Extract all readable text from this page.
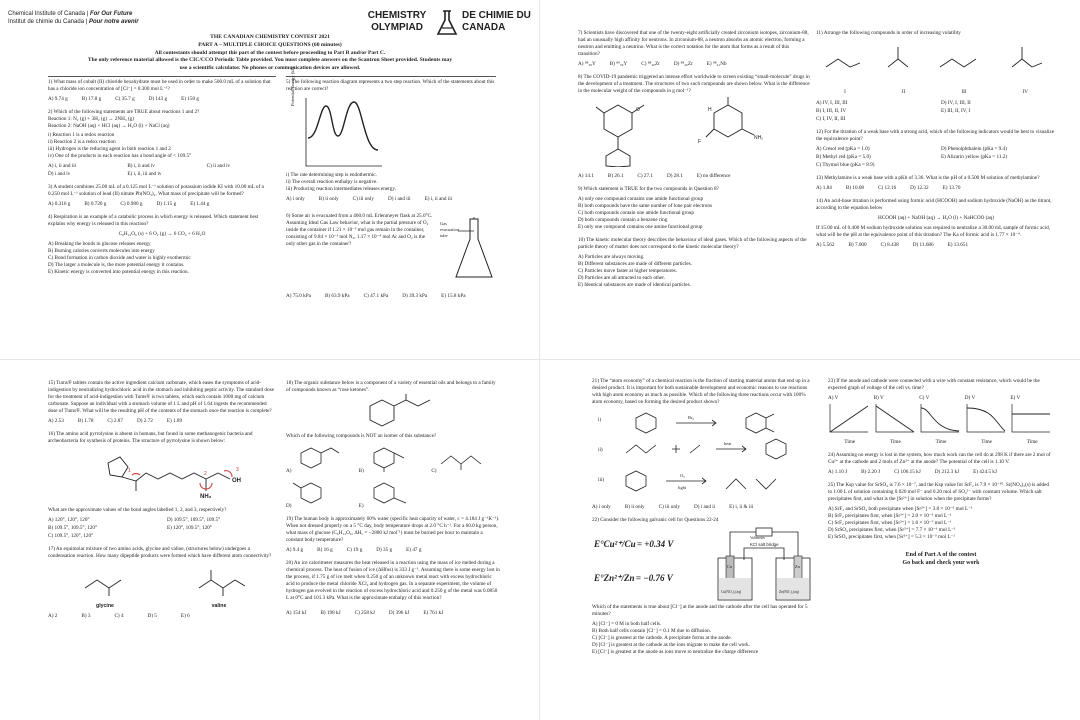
Chemical Institute of Canada | For Our Future
Institut de chimie du Canada | Pour notre avenir
CHEMISTRY OLYMPIAD
DE CHIMIE DU CANADA
THE CANADIAN CHEMISTRY CONTEST 2021
PART A – MULTIPLE CHOICE QUESTIONS (60 minutes)
All contestants should attempt this part of the contest before proceeding to Part B and/or Part C.
The only reference material allowed is the CIC/CCO Periodic Table provided. You must complete answers on the Scantron Sheet provided. Students may use a scientific calculator. No phones or communication devices are allowed.
1) What mass of cobalt (II) chloride hexahydrate must be used in order to make 500.0 mL of a solution that has a chloride ion concentration of [Cl⁻] = 0.300 mol L⁻¹?
A) 9.74 g	B) 17.8 g	C) 35.7 g	D) 143 g	E) 150 g
2) Which of the following statements are TRUE about reactions 1 and 2?
Reaction 1: N₂ (g) + 3H₂ (g) → 2NH₃ (g)
Reaction 2: NaOH (aq) + HCl (aq) → H₂O (l) + NaCl (aq)
i) Reaction 1 is a redox reaction
ii) Reaction 2 is a redox reaction
iii) Hydrogen is the reducing agent in both reaction 1 and 2
iv) One of the products in each reaction has a bond angle of < 109.5°
A) i, ii and iii	B) i, ii and iv	C) ii and iv
D) i and iv	E) i, ii, iii and iv
3) A student combines 25.00 mL of a 0.125 mol L⁻¹ solution of potassium iodide KI with 10.00 mL of a 0.250 mol L⁻¹ solution of lead (II) nitrate Pb(NO₃)₂. What mass of precipitate will be formed?
A) 0.316 g	B) 0.720 g	C) 0.980 g	D) 1.15 g	E) 1.44 g
4) Respiration is an example of a catabolic process in which energy is released. Which statement best explains why energy is released in this reaction?
C₆H₁₂O₆ (s) + 6 O₂ (g) → 6 CO₂ + 6 H₂O
A) Breaking the bonds in glucose releases energy
B) Burning calories converts molecules into energy
C) Bond formation in carbon dioxide and water is highly exothermic
D) The larger a molecule is, the more potential energy it contains.
E) Kinetic energy is converted into potential energy in this reaction.
5) The following reaction diagram represents a two step reaction. Which of the statements about this reaction are correct?
Potential Energy (kJ)
i) The rate determining step is endothermic.
ii) The overall reaction enthalpy is negative.
iii) Producing reaction intermediates releases energy.
A) i only	B) ii only	C) iii only	D) i and iii	E) i, ii and iii
6) Some air is evacuated from a 400.0 mL Erlenmeyer flask at 25.0°C. Assuming Ideal Gas Law behavior, what is the partial pressure of O₂ inside the container if 1.21 × 10⁻³ mol gas remain in the container, consisting of 9.84 × 10⁻³ mol N₂, 1.17 × 10⁻⁴ mol Ar and O₂ is the only other gas in the container?
Gas evacuation tube
A) 75.0 kPa	B) 63.9 kPa	C) 47.1 kPa	D) 39.3 kPa	E) 15.8 kPa
7) Scientists have discovered that one of the twenty-eight artificially created zirconium isotopes, zirconium-88, had an unusually high affinity for neutrons. In zirconium-88, a neutron absorbs an atomic electron, forming a neutron and emitting a neutrino. What is the correct notation for the atom that forms as a result of this transition?
A) ⁸⁸₃₉Y	B) ⁸⁹₃₉Y	C) ⁸⁸₄₀Zr	D) ⁸⁸₄₀Zr	E) ⁸⁸₄₁Nb
8) The COVID-19 pandemic triggered an intense effort worldwide to screen existing “small-molecule” drugs in the development of a treatment. The structures of two such compounds are shown below. What is the difference in the molecular weight of the compounds in g mol⁻¹?
O	H
NH₂
F
A) 14.1	B) 26.1	C) 27.1	D) 28.1	E) no difference
9) Which statement is TRUE for the two compounds in Question 8?
A) only one compound contains one amide functional group
B) both compounds have the same number of lone pair electrons
C) both compounds contain one amide functional group
D) both compounds contain a benzene ring
E) only one compound contains one amine functional group
10) The kinetic molecular theory describes the behaviour of ideal gases. Which of the following aspects of the particle theory of matter does not correspond to the kinetic molecular theory?
A) Particles are always moving.
B) Different substances are made of different particles.
C) Particles move faster at higher temperatures.
D) Particles are all attracted to each other.
E) Identical substances are made of identical particles.
11) Arrange the following compounds in order of increasing volatility
I	II	III	IV
A) IV, I, III, III	D) IV, I, III, II
B) I, III, II, IV	E) III, II, IV, I
C) I, IV, II, III
12) For the titration of a weak base with a strong acid, which of the following indicators would be best to visualize the equivalence point?
A) Cresol red (pKa = 1.0)	D) Phenolphthalein (pKa = 9.4)
B) Methyl red (pKa = 5.0)	E) Alizarin yellow (pKa = 11.2)
C) Thymol blue (pKa = 8.9)
13) Methylamine is a weak base with a pKb of 3.36. What is the pH of a 0.500 M solution of methylamine?
A) 1.84	B) 10.08	C) 12.16	D) 12.32	E) 13.70
14) An acid-base titration is performed using formic acid (HCOOH) and sodium hydroxide (NaOH) as the titrant, according to the equation below
HCOOH (aq) + NaOH (aq) → H₂O (l) + NaHCOO (aq)
If 15.00 mL of 0.400 M sodium hydroxide solution was required to neutralize a 30.00 mL sample of formic acid, what will be the pH at the equivalence point of this titration? The Ka of formic acid is 1.77 × 10⁻⁴.
A) 5.562	B) 7.000	C) 8.438	D) 11.686	E) 13.651
15) Tums® tablets contain the active ingredient calcium carbonate, which eases the symptoms of acid-indigestion by neutralizing hydrochloric acid in the stomach and inhibiting peptic activity. The standard dose for the treatment of acid-indigestion with Tums® is two tablets, which each contain 1000 mg of calcium carbonate. Suppose an individual with a stomach volume of 1 L and pH of 1.64 ingests the recommended dose of Tums®. What will be the resulting pH of the contents of the stomach once the reaction is complete?
A) 2.53	B) 1.78	C) 2.87	D) 2.72	E) 1.89
16) The amino acid pyrrolysine is absent in humans, but found in some methanogenic bacteria and archeobacteria for synthesis of proteins. The structure of pyrrolysine is shown below:
1	2
3
NH₂
OH
What are the approximate values of the bond angles labelled 1, 2, and 3, respectively?
A) 120°, 120°, 120°	D) 109.5°, 109.5°, 109.5°
B) 109.5°, 109.5°, 120°	E) 120°, 109.5°, 120°
C) 109.5°, 120°, 120°
17) An equimolar mixture of two amino acids, glycine and valine, (structures below) undergoes a condensation reaction. How many dipeptide products were formed which have different atom connectivity?
glycine	valine
A) 2	B) 3	C) 4	D) 5	E) 6
18) The organic substance below is a component of a variety of essential oils and belongs to a family of compounds known as “rose ketones”.
Which of the following compounds is NOT an isomer of this substance?
A)	B)	C)
D)	E)
19) The human body is approximately 60% water (specific heat capacity of water, c = 4.184 J g⁻¹K⁻¹). When not dressed properly on a 5 °C day, body temperature drops at 2.0 °C h⁻¹. For a 60.0 kg person, what mass of glucose (C₆H₁₂O₆, ΔH꜀ = −2880 kJ mol⁻¹) must be burned per hour to maintain a constant body temperature?
A) 9.4 g	B) 16 g	C) 19 g	D) 35 g	E) 47 g
20) An ice calorimeter measures the heat released in a reaction using the mass of ice melted during a chemical process. The heat of fusion of ice (ΔHfus) is 333 J g⁻¹. Assuming there is some energy lost in the process, if 1.75 g of ice melt when 0.250 g of an unknown metal react with excess hydrochloric acid to produce the metal chloride XCl₂ and hydrogen gas. In a separate experiment, the volume of hydrogen gas evolved in the reaction of excess hydrochloric acid and 0.250 g of the metal was 0.0850 L at 0°C and 101.3 kPa. What is the approximate enthalpy of this reaction?
A) 154 kJ	B) 198 kJ	C) 258 kJ	D) 396 kJ	E) 761 kJ
21) The “atom economy” of a chemical reaction is the fraction of starting material atoms that end up in a desired product. It is important for both sustainable development and economic reasons to use reactions with high atom economy as much as possible. Which of the following three reactions occur with 100% atom economy, based on forming the desired product shown?
i)
ii)
iii)
Br₂
heat
O₃
light
A) i only	B) ii only	C) iii only	D) i and ii	E) i, ii & iii
22) Consider the following galvanic cell for Questions 22-24
E°Cu²⁺/Cu = +0.34 V
E°Zn²⁺/Zn = −0.76 V
Voltmeter
KCl salt bridge
Cu	Zn
Cu(NO₃)₂(aq)	Zn(NO₃)₂(aq)
Which of the statements is true about [Cl⁻] at the anode and the cathode after the cell has operated for 5 minutes?
A) [Cl⁻] = 0 M in both half cells.
B) Both half cells contain [Cl⁻] = 0.1 M due to diffusion.
C) [Cl⁻] is greatest at the cathode. A precipitate forms at the anode.
D) [Cl⁻] is greatest at the cathode as the ions migrate to make the cell work.
E) [Cl⁻] is greatest at the anode as ions move to neutralize the charge difference
23) If the anode and cathode were connected with a wire with constant resistance, which would be the expected graph of voltage of the cell vs. time?
A) V
Time
B) V
Time
C) V
Time
D) V
Time
E) V
Time
24) Assuming no energy is lost in the system, how much work can the cell do at 298 K if there are 2 mol of Cu²⁺ at the cathode and 2 mols of Zn²⁺ at the anode? The potential of the cell is 1.10 V.
A) 1.10 J	B) 2.20 J	C) 106.15 kJ	D) 212.3 kJ	E) 424.5 kJ
25) The Ksp value for SrSO₄ is 7.6 × 10⁻⁷, and the Ksp value for SrF₂ is 7.9 × 10⁻¹⁰. Sr(NO₃)₂(s) is added to 1.00 L of solution containing 0.020 mol F⁻ and 0.20 mol of SO₄²⁻ with constant volume. Which salt precipitates first, and what is the [Sr²⁺] in solution when the precipitate forms?
A) SrF₂ and SrSO₄ both precipitate when [Sr²⁺] = 3.8 × 10⁻⁶ mol L⁻¹
B) SrF₂ precipitates first, when [Sr²⁺] = 2.0 × 10⁻⁶ mol L⁻¹
C) SrF₂ precipitates first, when [Sr²⁺] = 1.6 × 10⁻⁷ mol L⁻¹
D) SrSO₄ precipitates first, when [Sr²⁺] = 7.7 × 10⁻⁶ mol L⁻¹
E) SrSO₄ precipitates first, when [Sr²⁺] = 5.3 × 10⁻⁵ mol L⁻¹
End of Part A of the contest
Go back and check your work
